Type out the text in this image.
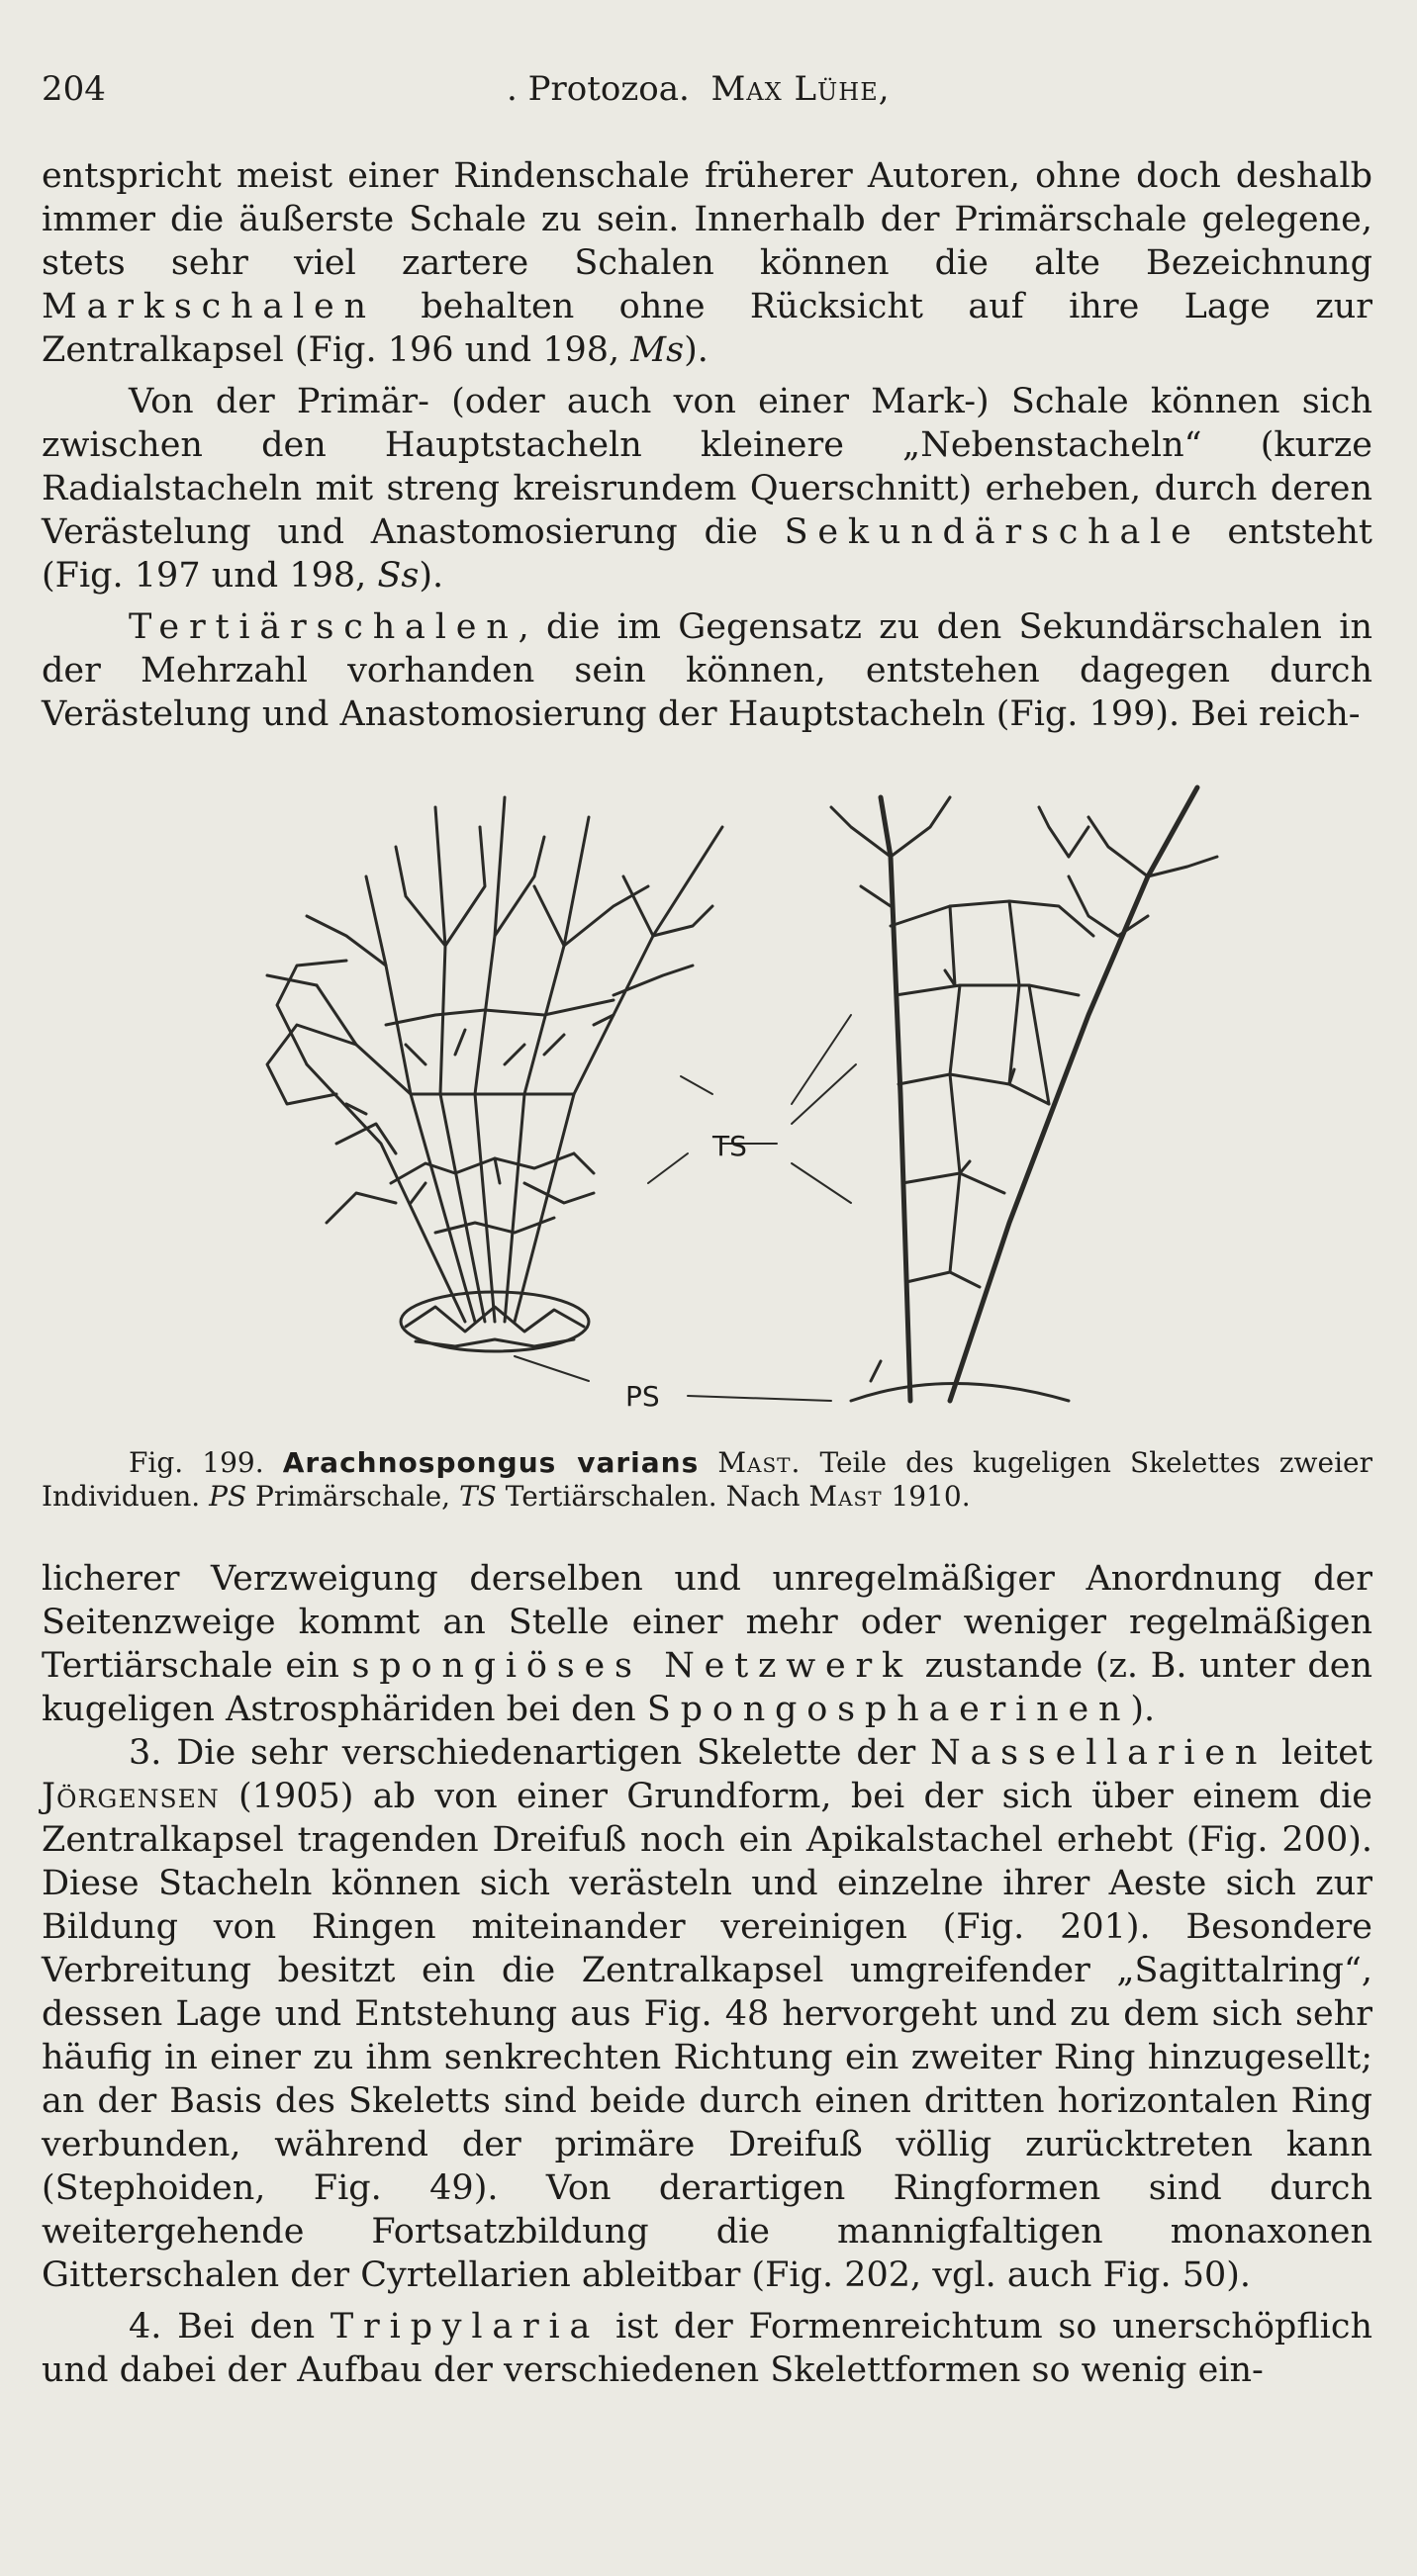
204	. Protozoa. Max Lühe,

entspricht meist einer Rindenschale früherer Autoren, ohne doch deshalb immer die äußerste Schale zu sein. Innerhalb der Primärschale gelegene, stets sehr viel zartere Schalen können die alte Bezeichnung Markschalen behalten ohne Rücksicht auf ihre Lage zur Zentralkapsel (Fig. 196 und 198, Ms).

Von der Primär- (oder auch von einer Mark-) Schale können sich zwischen den Hauptstacheln kleinere „Nebenstacheln“ (kurze Radialstacheln mit streng kreisrundem Querschnitt) erheben, durch deren Verästelung und Anastomosierung die Sekundärschale entsteht (Fig. 197 und 198, Ss).

Tertiärschalen, die im Gegensatz zu den Sekundärschalen in der Mehrzahl vorhanden sein können, entstehen dagegen durch Verästelung und Anastomosierung der Hauptstacheln (Fig. 199). Bei reich-

TS
PS

Fig. 199. Arachnospongus varians Mast. Teile des kugeligen Skelettes zweier Individuen. PS Primärschale, TS Tertiärschalen. Nach Mast 1910.

licherer Verzweigung derselben und unregelmäßiger Anordnung der Seitenzweige kommt an Stelle einer mehr oder weniger regelmäßigen Tertiärschale ein spongiöses Netzwerk zustande (z. B. unter den kugeligen Astrosphäriden bei den Spongosphaerinen).

3. Die sehr verschiedenartigen Skelette der Nassellarien leitet Jörgensen (1905) ab von einer Grundform, bei der sich über einem die Zentralkapsel tragenden Dreifuß noch ein Apikalstachel erhebt (Fig. 200). Diese Stacheln können sich verästeln und einzelne ihrer Aeste sich zur Bildung von Ringen miteinander vereinigen (Fig. 201). Besondere Verbreitung besitzt ein die Zentralkapsel umgreifender „Sagittalring“, dessen Lage und Entstehung aus Fig. 48 hervorgeht und zu dem sich sehr häufig in einer zu ihm senkrechten Richtung ein zweiter Ring hinzugesellt; an der Basis des Skeletts sind beide durch einen dritten horizontalen Ring verbunden, während der primäre Dreifuß völlig zurücktreten kann (Stephoiden, Fig. 49). Von derartigen Ringformen sind durch weitergehende Fortsatzbildung die mannigfaltigen monaxonen Gitterschalen der Cyrtellarien ableitbar (Fig. 202, vgl. auch Fig. 50).

4. Bei den Tripylaria ist der Formenreichtum so unerschöpflich und dabei der Aufbau der verschiedenen Skelettformen so wenig ein-
